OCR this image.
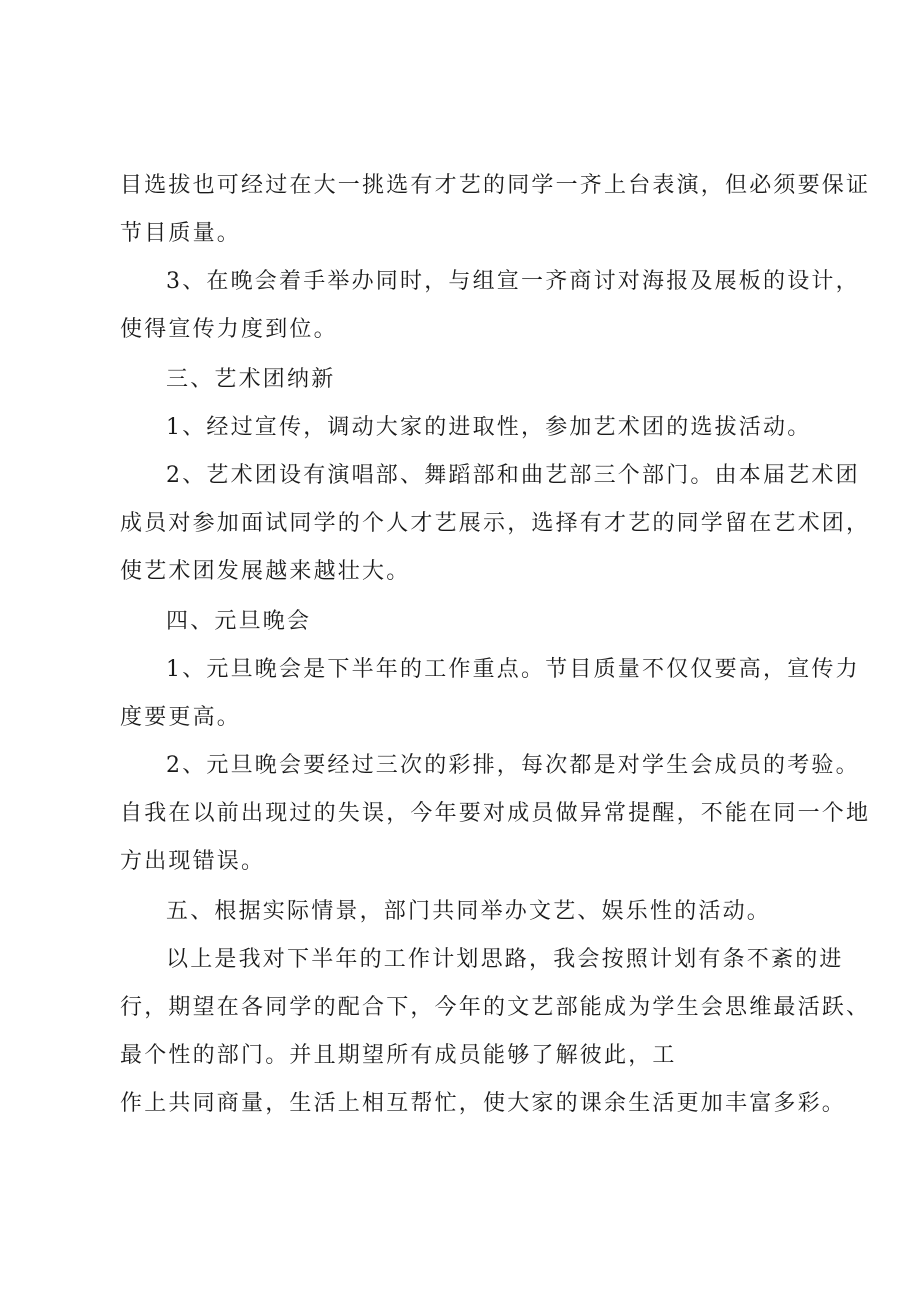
目选拔也可经过在大一挑选有才艺的同学一齐上台表演，但必须要保证
节目质量。
3、在晚会着手举办同时，与组宣一齐商讨对海报及展板的设计，
使得宣传力度到位。
三、艺术团纳新
1、经过宣传，调动大家的进取性，参加艺术团的选拔活动。
2、艺术团设有演唱部、舞蹈部和曲艺部三个部门。由本届艺术团
成员对参加面试同学的个人才艺展示，选择有才艺的同学留在艺术团，
使艺术团发展越来越壮大。
四、元旦晚会
1、元旦晚会是下半年的工作重点。节目质量不仅仅要高，宣传力
度要更高。
2、元旦晚会要经过三次的彩排，每次都是对学生会成员的考验。
自我在以前出现过的失误，今年要对成员做异常提醒，不能在同一个地
方出现错误。
五、根据实际情景，部门共同举办文艺、娱乐性的活动。
以上是我对下半年的工作计划思路，我会按照计划有条不紊的进
行，期望在各同学的配合下，今年的文艺部能成为学生会思维最活跃、
最个性的部门。并且期望所有成员能够了解彼此，工
作上共同商量，生活上相互帮忙，使大家的课余生活更加丰富多彩。
